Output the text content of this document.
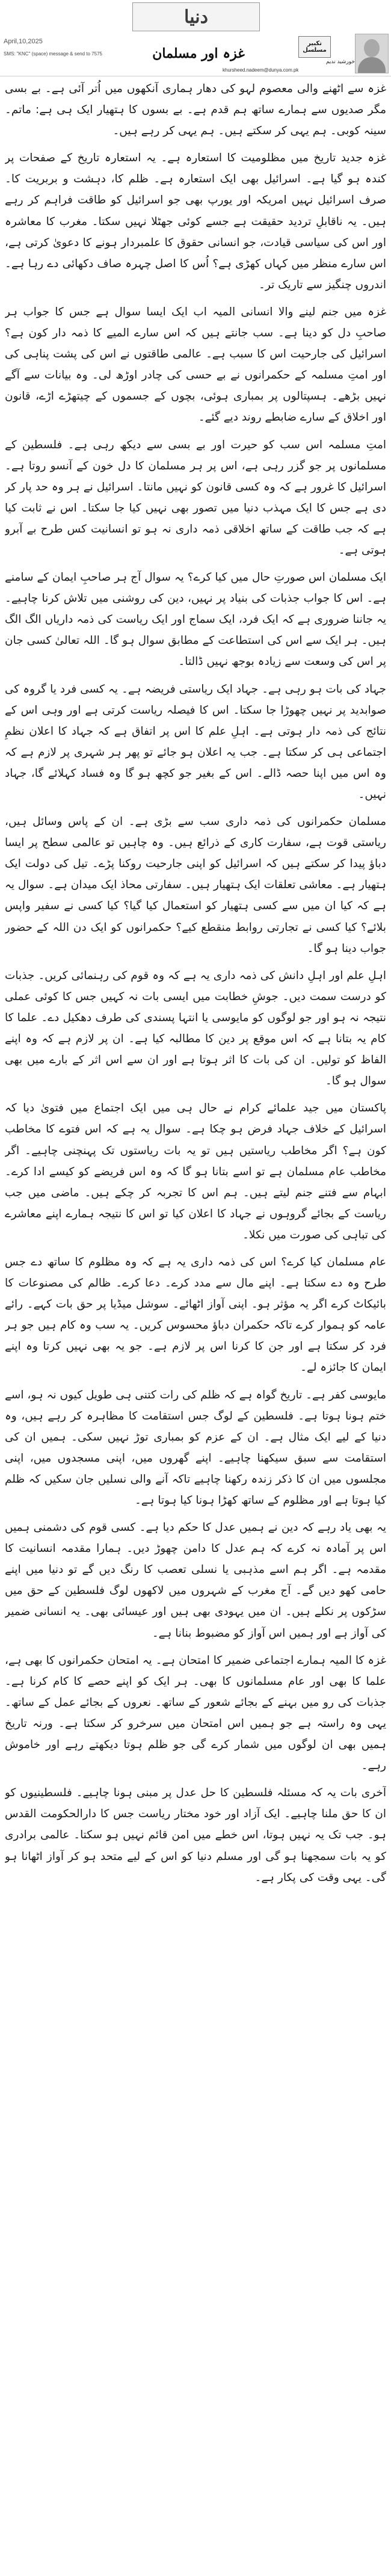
دنیا
April,10,2025
SMS: "KNC" (space) message & send to 7575	غزہ اور مسلمان
تکبیر مسلسل
خورشید ندیم
khursheed.nadeem@dunya.com.pk

غزہ سے اٹھنے والی معصوم لہو کی دھار ہماری آنکھوں میں اُتر آئی ہے۔ بے بسی مگر صدیوں سے ہمارے ساتھ ہم قدم ہے۔ بے بسوں کا ہتھیار ایک ہی ہے: ماتم۔ سینہ کوبی۔ ہم یہی کر سکتے ہیں۔ ہم یہی کر رہے ہیں۔

غزہ جدید تاریخ میں مظلومیت کا استعارہ ہے۔ یہ استعارہ تاریخ کے صفحات پر کندہ ہو گیا ہے۔ اسرائیل بھی ایک استعارہ ہے۔ ظلم کا، دہشت و بربریت کا۔ صرف اسرائیل نہیں امریکہ اور یورپ بھی جو اسرائیل کو طاقت فراہم کر رہے ہیں۔ یہ ناقابلِ تردید حقیقت ہے جسے کوئی جھٹلا نہیں سکتا۔ مغرب کا معاشرہ اور اس کی سیاسی قیادت، جو انسانی حقوق کا علمبردار ہونے کا دعویٰ کرتی ہے، اس سارے منظر میں کہاں کھڑی ہے؟ اُس کا اصل چہرہ صاف دکھائی دے رہا ہے۔ اندروں چنگیز سے تاریک تر۔

غزہ میں جنم لینے والا انسانی المیہ اب ایک ایسا سوال ہے جس کا جواب ہر صاحبِ دل کو دینا ہے۔ سب جانتے ہیں کہ اس سارے المیے کا ذمہ دار کون ہے؟ اسرائیل کی جارحیت اس کا سبب ہے۔ عالمی طاقتوں نے اس کی پشت پناہی کی اور امتِ مسلمہ کے حکمرانوں نے بے حسی کی چادر اوڑھ لی۔ وہ بیانات سے آگے نہیں بڑھے۔ ہسپتالوں پر بمباری ہوئی، بچوں کے جسموں کے چیتھڑے اڑے، قانون اور اخلاق کے سارے ضابطے روند دیے گئے۔

امتِ مسلمہ اس سب کو حیرت اور بے بسی سے دیکھ رہی ہے۔ فلسطین کے مسلمانوں پر جو گزر رہی ہے، اس پر ہر مسلمان کا دل خون کے آنسو روتا ہے۔ اسرائیل کا غرور ہے کہ وہ کسی قانون کو نہیں مانتا۔ اسرائیل نے ہر وہ حد پار کر دی ہے جس کا ایک مہذب دنیا میں تصور بھی نہیں کیا جا سکتا۔ اس نے ثابت کیا ہے کہ جب طاقت کے ساتھ اخلاقی ذمہ داری نہ ہو تو انسانیت کس طرح بے آبرو ہوتی ہے۔

ایک مسلمان اس صورتِ حال میں کیا کرے؟ یہ سوال آج ہر صاحبِ ایمان کے سامنے ہے۔ اس کا جواب جذبات کی بنیاد پر نہیں، دین کی روشنی میں تلاش کرنا چاہیے۔ یہ جاننا ضروری ہے کہ ایک فرد، ایک سماج اور ایک ریاست کی ذمہ داریاں الگ الگ ہیں۔ ہر ایک سے اس کی استطاعت کے مطابق سوال ہو گا۔ اللہ تعالیٰ کسی جان پر اس کی وسعت سے زیادہ بوجھ نہیں ڈالتا۔

جہاد کی بات ہو رہی ہے۔ جہاد ایک ریاستی فریضہ ہے۔ یہ کسی فرد یا گروہ کی صوابدید پر نہیں چھوڑا جا سکتا۔ اس کا فیصلہ ریاست کرتی ہے اور وہی اس کے نتائج کی ذمہ دار ہوتی ہے۔ اہلِ علم کا اس پر اتفاق ہے کہ جہاد کا اعلان نظمِ اجتماعی ہی کر سکتا ہے۔ جب یہ اعلان ہو جائے تو پھر ہر شہری پر لازم ہے کہ وہ اس میں اپنا حصہ ڈالے۔ اس کے بغیر جو کچھ ہو گا وہ فساد کہلائے گا، جہاد نہیں۔

مسلمان حکمرانوں کی ذمہ داری سب سے بڑی ہے۔ ان کے پاس وسائل ہیں، ریاستی قوت ہے، سفارت کاری کے ذرائع ہیں۔ وہ چاہیں تو عالمی سطح پر ایسا دباؤ پیدا کر سکتے ہیں کہ اسرائیل کو اپنی جارحیت روکنا پڑے۔ تیل کی دولت ایک ہتھیار ہے۔ معاشی تعلقات ایک ہتھیار ہیں۔ سفارتی محاذ ایک میدان ہے۔ سوال یہ ہے کہ کیا ان میں سے کسی ہتھیار کو استعمال کیا گیا؟ کیا کسی نے سفیر واپس بلائے؟ کیا کسی نے تجارتی روابط منقطع کیے؟ حکمرانوں کو ایک دن اللہ کے حضور جواب دینا ہو گا۔

اہلِ علم اور اہلِ دانش کی ذمہ داری یہ ہے کہ وہ قوم کی رہنمائی کریں۔ جذبات کو درست سمت دیں۔ جوشِ خطابت میں ایسی بات نہ کہیں جس کا کوئی عملی نتیجہ نہ ہو اور جو لوگوں کو مایوسی یا انتہا پسندی کی طرف دھکیل دے۔ علما کا کام یہ بتانا ہے کہ اس موقع پر دین کا مطالبہ کیا ہے۔ ان پر لازم ہے کہ وہ اپنے الفاظ کو تولیں۔ ان کی بات کا اثر ہوتا ہے اور ان سے اس اثر کے بارے میں بھی سوال ہو گا۔

پاکستان میں جید علمائے کرام نے حال ہی میں ایک اجتماع میں فتویٰ دیا کہ اسرائیل کے خلاف جہاد فرض ہو چکا ہے۔ سوال یہ ہے کہ اس فتوے کا مخاطب کون ہے؟ اگر مخاطب ریاستیں ہیں تو یہ بات ریاستوں تک پہنچنی چاہیے۔ اگر مخاطب عام مسلمان ہے تو اسے بتانا ہو گا کہ وہ اس فریضے کو کیسے ادا کرے۔ ابہام سے فتنے جنم لیتے ہیں۔ ہم اس کا تجربہ کر چکے ہیں۔ ماضی میں جب ریاست کے بجائے گروہوں نے جہاد کا اعلان کیا تو اس کا نتیجہ ہمارے اپنے معاشرے کی تباہی کی صورت میں نکلا۔

عام مسلمان کیا کرے؟ اس کی ذمہ داری یہ ہے کہ وہ مظلوم کا ساتھ دے جس طرح وہ دے سکتا ہے۔ اپنے مال سے مدد کرے۔ دعا کرے۔ ظالم کی مصنوعات کا بائیکاٹ کرے اگر یہ مؤثر ہو۔ اپنی آواز اٹھائے۔ سوشل میڈیا پر حق بات کہے۔ رائے عامہ کو ہموار کرے تاکہ حکمران دباؤ محسوس کریں۔ یہ سب وہ کام ہیں جو ہر فرد کر سکتا ہے اور جن کا کرنا اس پر لازم ہے۔ جو یہ بھی نہیں کرتا وہ اپنے ایمان کا جائزہ لے۔

مایوسی کفر ہے۔ تاریخ گواہ ہے کہ ظلم کی رات کتنی ہی طویل کیوں نہ ہو، اسے ختم ہونا ہوتا ہے۔ فلسطین کے لوگ جس استقامت کا مظاہرہ کر رہے ہیں، وہ دنیا کے لیے ایک مثال ہے۔ ان کے عزم کو بمباری توڑ نہیں سکی۔ ہمیں ان کی استقامت سے سبق سیکھنا چاہیے۔ اپنے گھروں میں، اپنی مسجدوں میں، اپنی مجلسوں میں ان کا ذکر زندہ رکھنا چاہیے تاکہ آنے والی نسلیں جان سکیں کہ ظلم کیا ہوتا ہے اور مظلوم کے ساتھ کھڑا ہونا کیا ہوتا ہے۔

یہ بھی یاد رہے کہ دین نے ہمیں عدل کا حکم دیا ہے۔ کسی قوم کی دشمنی ہمیں اس پر آمادہ نہ کرے کہ ہم عدل کا دامن چھوڑ دیں۔ ہمارا مقدمہ انسانیت کا مقدمہ ہے۔ اگر ہم اسے مذہبی یا نسلی تعصب کا رنگ دیں گے تو دنیا میں اپنے حامی کھو دیں گے۔ آج مغرب کے شہروں میں لاکھوں لوگ فلسطین کے حق میں سڑکوں پر نکلے ہیں۔ ان میں یہودی بھی ہیں اور عیسائی بھی۔ یہ انسانی ضمیر کی آواز ہے اور ہمیں اس آواز کو مضبوط بنانا ہے۔

غزہ کا المیہ ہمارے اجتماعی ضمیر کا امتحان ہے۔ یہ امتحان حکمرانوں کا بھی ہے، علما کا بھی اور عام مسلمانوں کا بھی۔ ہر ایک کو اپنے حصے کا کام کرنا ہے۔ جذبات کی رو میں بہنے کے بجائے شعور کے ساتھ۔ نعروں کے بجائے عمل کے ساتھ۔ یہی وہ راستہ ہے جو ہمیں اس امتحان میں سرخرو کر سکتا ہے۔ ورنہ تاریخ ہمیں بھی ان لوگوں میں شمار کرے گی جو ظلم ہوتا دیکھتے رہے اور خاموش رہے۔

آخری بات یہ کہ مسئلہ فلسطین کا حل عدل پر مبنی ہونا چاہیے۔ فلسطینیوں کو ان کا حق ملنا چاہیے۔ ایک آزاد اور خود مختار ریاست جس کا دارالحکومت القدس ہو۔ جب تک یہ نہیں ہوتا، اس خطے میں امن قائم نہیں ہو سکتا۔ عالمی برادری کو یہ بات سمجھنا ہو گی اور مسلم دنیا کو اس کے لیے متحد ہو کر آواز اٹھانا ہو گی۔ یہی وقت کی پکار ہے۔
